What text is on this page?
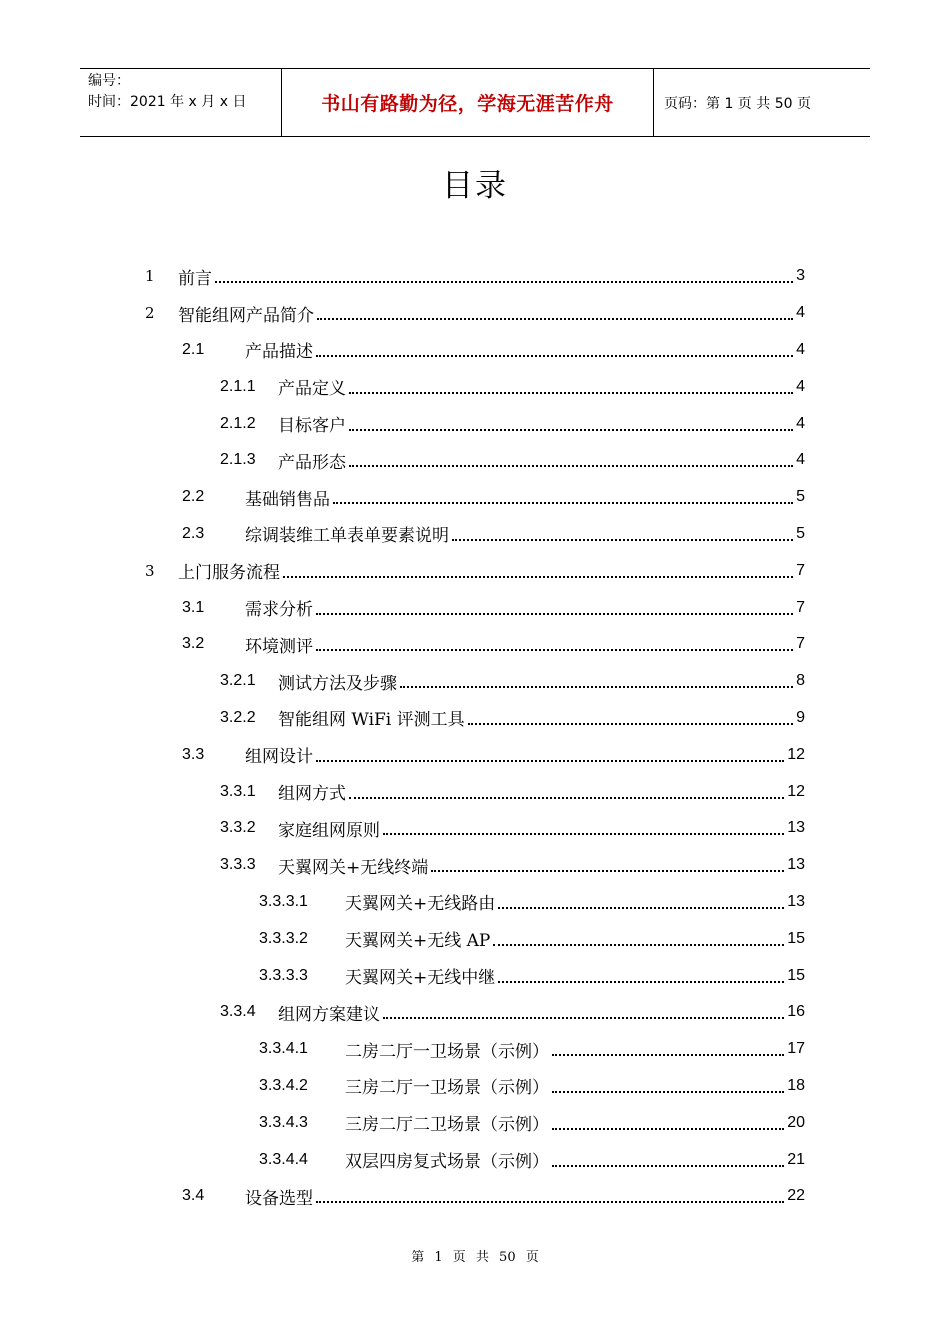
编号：
时间：2021 年 x 月 x 日	书山有路勤为径，学海无涯苦作舟	页码：第 1 页 共 50 页
目录
1 前言	3
2 智能组网产品简介	4
2.1 产品描述	4
2.1.1 产品定义	4
2.1.2 目标客户	4
2.1.3 产品形态	4
2.2 基础销售品	5
2.3 综调装维工单表单要素说明	5
3 上门服务流程	7
3.1 需求分析	7
3.2 环境测评	7
3.2.1 测试方法及步骤	8
3.2.2 智能组网 WiFi 评测工具	9
3.3 组网设计	12
3.3.1 组网方式	12
3.3.2 家庭组网原则	13
3.3.3 天翼网关+无线终端	13
3.3.3.1 天翼网关+无线路由	13
3.3.3.2 天翼网关+无线 AP	15
3.3.3.3 天翼网关+无线中继	15
3.3.4 组网方案建议	16
3.3.4.1 二房二厅一卫场景（示例）	17
3.3.4.2 三房二厅一卫场景（示例）	18
3.3.4.3 三房二厅二卫场景（示例）	20
3.3.4.4 双层四房复式场景（示例）	21
3.4 设备选型	22
第 1 页 共 50 页
